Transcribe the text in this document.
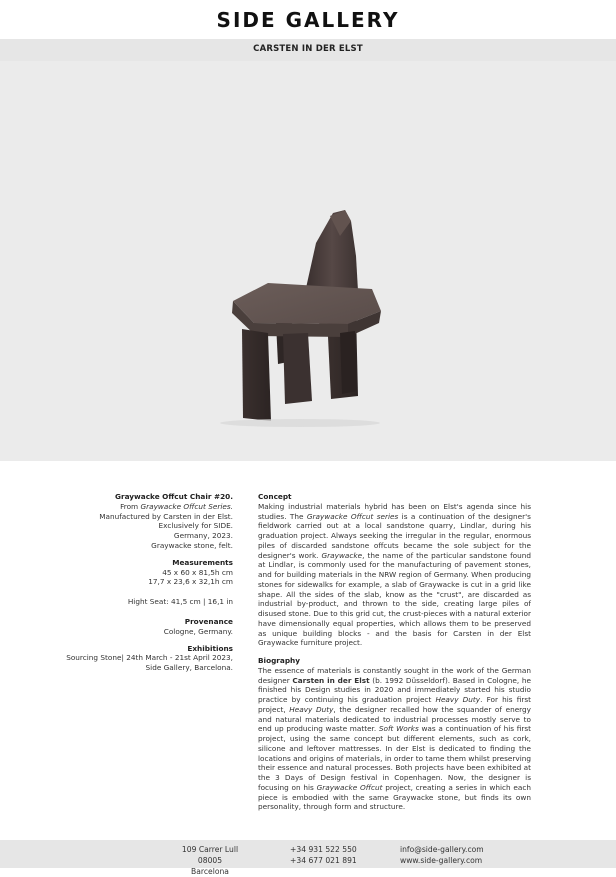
SIDE GALLERY
CARSTEN IN DER ELST
Graywacke Offcut Chair #20.
From Graywacke Offcut Series.
Manufactured by Carsten in der Elst.
Exclusively for SIDE.
Germany, 2023.
Graywacke stone, felt.
Measurements
45 x 60 x 81,5h cm
17,7 x 23,6 x 32,1h cm
Hight Seat: 41,5 cm | 16,1 in
Provenance
Cologne, Germany.
Exhibitions
Sourcing Stone| 24th March - 21st April 2023,
Side Gallery, Barcelona.
Concept
Making industrial materials hybrid has been on Elst's agenda since his studies. The Graywacke Offcut series is a continuation of the designer's fieldwork carried out at a local sandstone quarry, Lindlar, during his graduation project. Always seeking the irregular in the regular, enormous piles of discarded sandstone offcuts became the sole subject for the designer's work. Graywacke, the name of the particular sandstone found at Lindlar, is commonly used for the manufacturing of pavement stones, and for building materials in the NRW region of Germany. When producing stones for sidewalks for example, a slab of Graywacke is cut in a grid like shape. All the sides of the slab, know as the "crust", are discarded as industrial by-product, and thrown to the side, creating large piles of disused stone. Due to this grid cut, the crust-pieces with a natural exterior have dimensionally equal properties, which allows them to be preserved as unique building blocks - and the basis for Carsten in der Elst Graywacke furniture project.
Biography
The essence of materials is constantly sought in the work of the German designer Carsten in der Elst (b. 1992 Düsseldorf). Based in Cologne, he finished his Design studies in 2020 and immediately started his studio practice by continuing his graduation project Heavy Duty. For his first project, Heavy Duty, the designer recalled how the squander of energy and natural materials dedicated to industrial processes mostly serve to end up producing waste matter. Soft Works was a continuation of his first project, using the same concept but different elements, such as cork, silicone and leftover mattresses. In der Elst is dedicated to finding the locations and origins of materials, in order to tame them whilst preserving their essence and natural processes. Both projects have been exhibited at the 3 Days of Design festival in Copenhagen. Now, the designer is focusing on his Graywacke Offcut project, creating a series in which each piece is embodied with the same Graywacke stone, but finds its own personality, through form and structure.
109 Carrer Lull
08005 Barcelona
+34 931 522 550
+34 677 021 891
info@side-gallery.com
www.side-gallery.com
